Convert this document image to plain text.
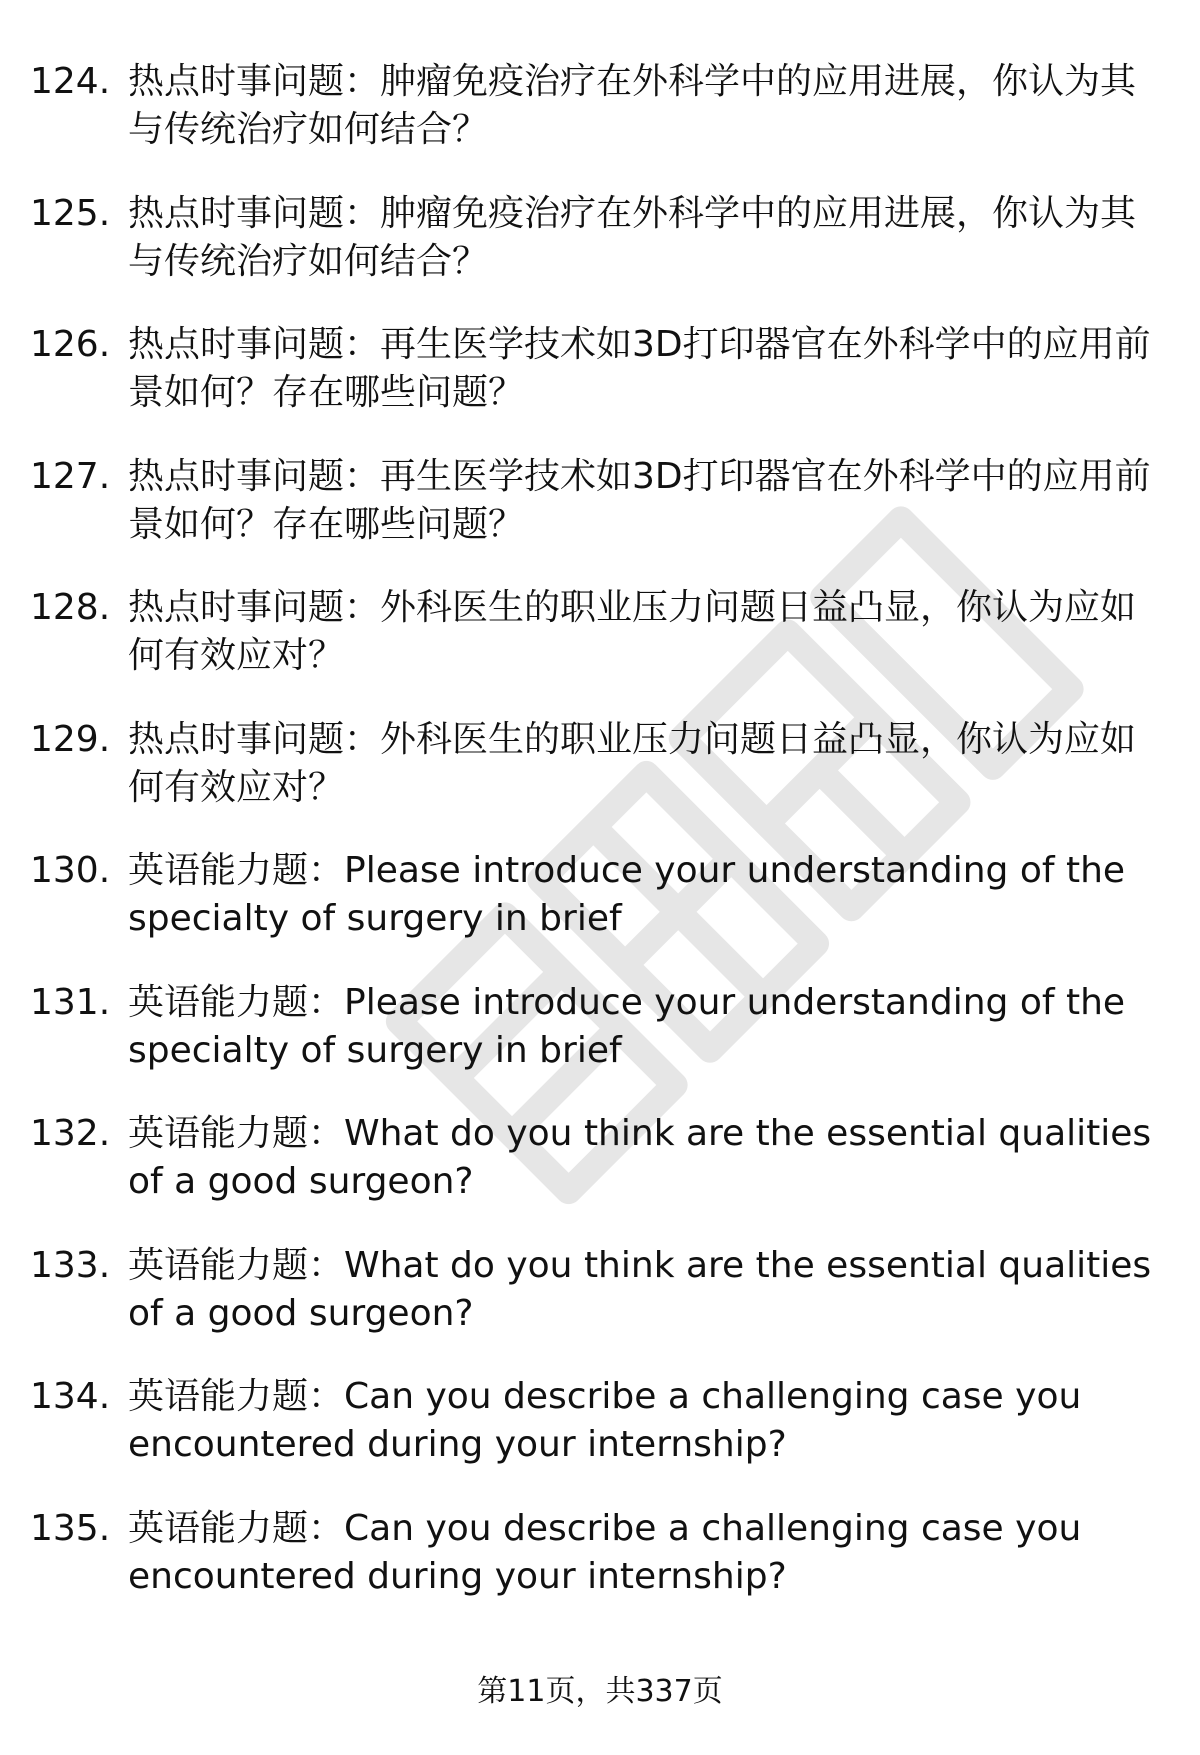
124. 热点时事问题：肿瘤免疫治疗在外科学中的应用进展，你认为其与传统治疗如何结合？
125. 热点时事问题：肿瘤免疫治疗在外科学中的应用进展，你认为其与传统治疗如何结合？
126. 热点时事问题：再生医学技术如3D打印器官在外科学中的应用前景如何？存在哪些问题？
127. 热点时事问题：再生医学技术如3D打印器官在外科学中的应用前景如何？存在哪些问题？
128. 热点时事问题：外科医生的职业压力问题日益凸显，你认为应如何有效应对？
129. 热点时事问题：外科医生的职业压力问题日益凸显，你认为应如何有效应对？
130. 英语能力题：Please introduce your understanding of the specialty of surgery in brief
131. 英语能力题：Please introduce your understanding of the specialty of surgery in brief
132. 英语能力题：What do you think are the essential qualities of a good surgeon?
133. 英语能力题：What do you think are the essential qualities of a good surgeon?
134. 英语能力题：Can you describe a challenging case you encountered during your internship?
135. 英语能力题：Can you describe a challenging case you encountered during your internship?
第11页，共337页
